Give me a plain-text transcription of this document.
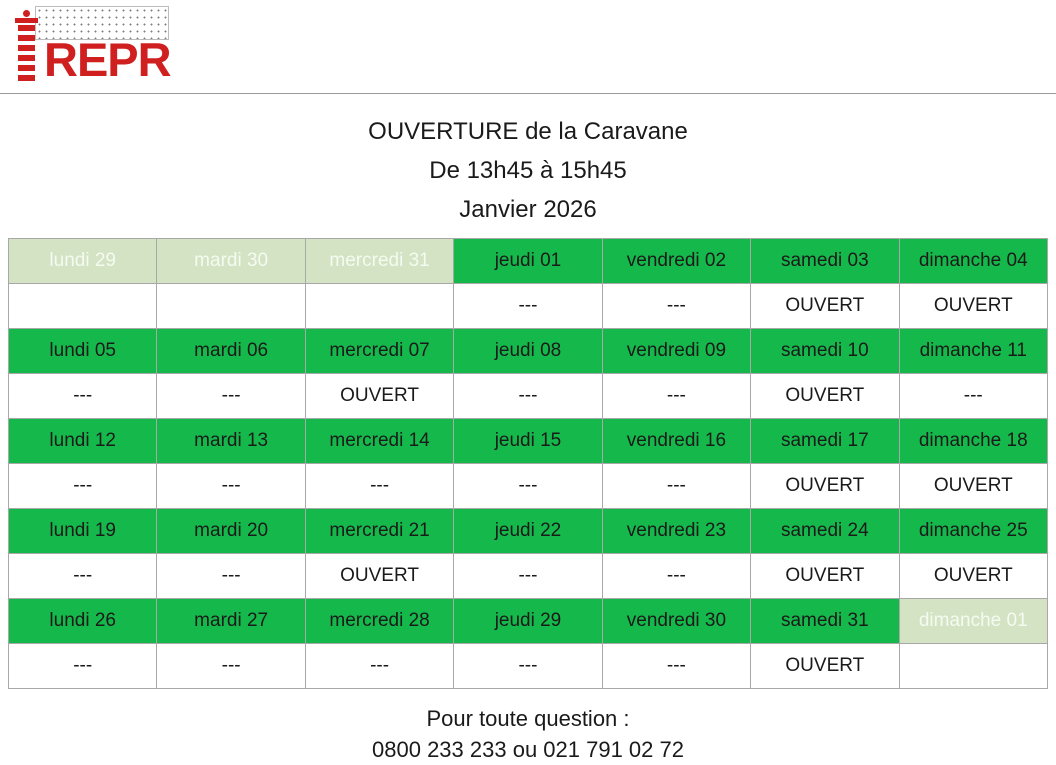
REPR
OUVERTURE de la Caravane
De 13h45 à 15h45
Janvier 2026
lundi 29	mardi 30	mercredi 31	jeudi 01	vendredi 02	samedi 03	dimanche 04
			---	---	OUVERT	OUVERT
lundi 05	mardi 06	mercredi 07	jeudi 08	vendredi 09	samedi 10	dimanche 11
---	---	OUVERT	---	---	OUVERT	---
lundi 12	mardi 13	mercredi 14	jeudi 15	vendredi 16	samedi 17	dimanche 18
---	---	---	---	---	OUVERT	OUVERT
lundi 19	mardi 20	mercredi 21	jeudi 22	vendredi 23	samedi 24	dimanche 25
---	---	OUVERT	---	---	OUVERT	OUVERT
lundi 26	mardi 27	mercredi 28	jeudi 29	vendredi 30	samedi 31	dimanche 01
---	---	---	---	---	OUVERT	
Pour toute question :
0800 233 233 ou 021 791 02 72
